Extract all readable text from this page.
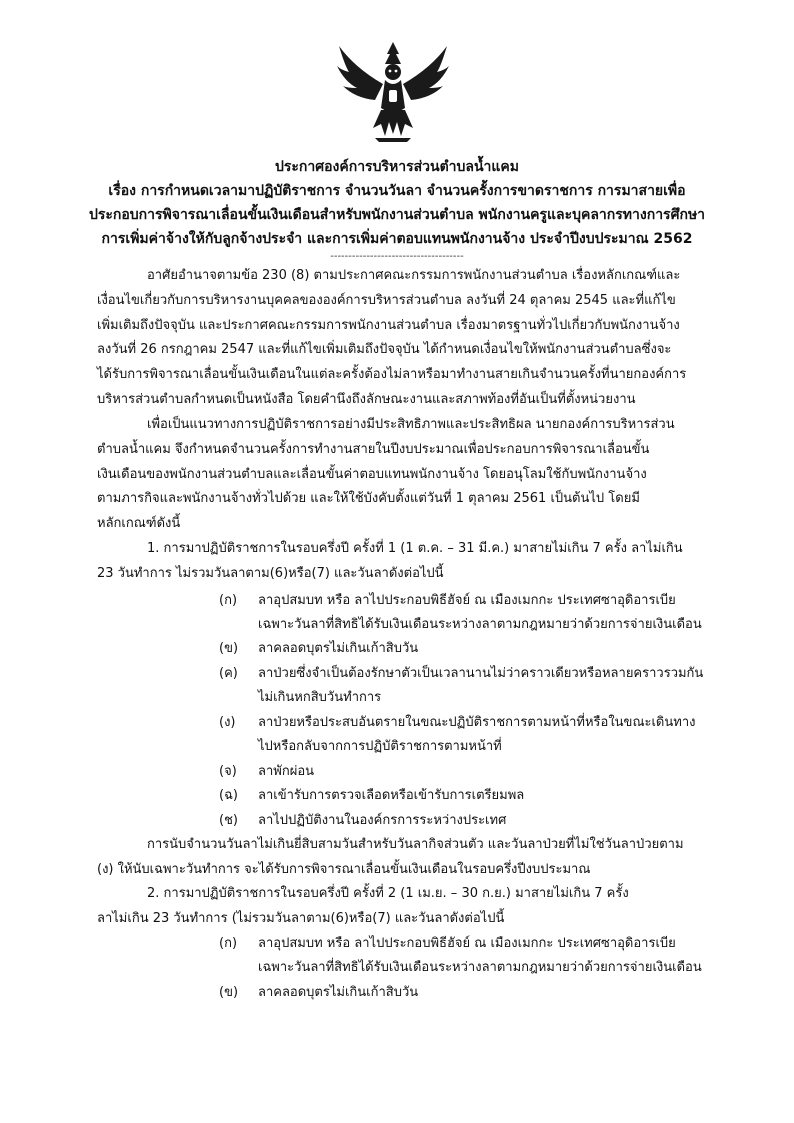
ประกาศองค์การบริหารส่วนตำบลน้ำแคม
เรื่อง การกำหนดเวลามาปฏิบัติราชการ จำนวนวันลา จำนวนครั้งการขาดราชการ การมาสายเพื่อ
ประกอบการพิจารณาเลื่อนขั้นเงินเดือนสำหรับพนักงานส่วนตำบล พนักงานครูและบุคลากรทางการศึกษา
การเพิ่มค่าจ้างให้กับลูกจ้างประจำ และการเพิ่มค่าตอบแทนพนักงานจ้าง ประจำปีงบประมาณ 2562
-------------------------------------
อาศัยอำนาจตามข้อ 230 (8) ตามประกาศคณะกรรมการพนักงานส่วนตำบล เรื่องหลักเกณฑ์และ
เงื่อนไขเกี่ยวกับการบริหารงานบุคคลขององค์การบริหารส่วนตำบล ลงวันที่ 24 ตุลาคม 2545 และที่แก้ไข
เพิ่มเติมถึงปัจจุบัน และประกาศคณะกรรมการพนักงานส่วนตำบล เรื่องมาตรฐานทั่วไปเกี่ยวกับพนักงานจ้าง
ลงวันที่ 26 กรกฎาคม 2547 และที่แก้ไขเพิ่มเติมถึงปัจจุบัน ได้กำหนดเงื่อนไขให้พนักงานส่วนตำบลซึ่งจะ
ได้รับการพิจารณาเลื่อนขั้นเงินเดือนในแต่ละครั้งต้องไม่ลาหรือมาทำงานสายเกินจำนวนครั้งที่นายกองค์การ
บริหารส่วนตำบลกำหนดเป็นหนังสือ โดยคำนึงถึงลักษณะงานและสภาพท้องที่อันเป็นที่ตั้งหน่วยงาน
เพื่อเป็นแนวทางการปฏิบัติราชการอย่างมีประสิทธิภาพและประสิทธิผล นายกองค์การบริหารส่วน
ตำบลน้ำแคม จึงกำหนดจำนวนครั้งการทำงานสายในปีงบประมาณเพื่อประกอบการพิจารณาเลื่อนขั้น
เงินเดือนของพนักงานส่วนตำบลและเลื่อนขั้นค่าตอบแทนพนักงานจ้าง โดยอนุโลมใช้กับพนักงานจ้าง
ตามภารกิจและพนักงานจ้างทั่วไปด้วย และให้ใช้บังคับตั้งแต่วันที่ 1 ตุลาคม 2561 เป็นต้นไป โดยมี
หลักเกณฑ์ดังนี้
1. การมาปฏิบัติราชการในรอบครึ่งปี ครั้งที่ 1 (1 ต.ค. – 31 มี.ค.) มาสายไม่เกิน 7 ครั้ง ลาไม่เกิน
23 วันทำการ ไม่รวมวันลาตาม(6)หรือ(7) และวันลาดังต่อไปนี้
(ก) ลาอุปสมบท หรือ ลาไปประกอบพิธีฮัจย์ ณ เมืองเมกกะ ประเทศซาอุดิอารเบีย
เฉพาะวันลาที่สิทธิได้รับเงินเดือนระหว่างลาตามกฎหมายว่าด้วยการจ่ายเงินเดือน
(ข) ลาคลอดบุตรไม่เกินเก้าสิบวัน
(ค) ลาป่วยซึ่งจำเป็นต้องรักษาตัวเป็นเวลานานไม่ว่าคราวเดียวหรือหลายคราวรวมกัน
ไม่เกินหกสิบวันทำการ
(ง) ลาป่วยหรือประสบอันตรายในขณะปฏิบัติราชการตามหน้าที่หรือในขณะเดินทาง
ไปหรือกลับจากการปฏิบัติราชการตามหน้าที่
(จ) ลาพักผ่อน
(ฉ) ลาเข้ารับการตรวจเลือดหรือเข้ารับการเตรียมพล
(ช) ลาไปปฏิบัติงานในองค์กรการระหว่างประเทศ
การนับจำนวนวันลาไม่เกินยี่สิบสามวันสำหรับวันลากิจส่วนตัว และวันลาป่วยที่ไม่ใช่วันลาป่วยตาม
(ง) ให้นับเฉพาะวันทำการ จะได้รับการพิจารณาเลื่อนขั้นเงินเดือนในรอบครึ่งปีงบประมาณ
2. การมาปฏิบัติราชการในรอบครึ่งปี ครั้งที่ 2 (1 เม.ย. – 30 ก.ย.) มาสายไม่เกิน 7 ครั้ง
ลาไม่เกิน 23 วันทำการ (ไม่รวมวันลาตาม(6)หรือ(7) และวันลาดังต่อไปนี้
(ก) ลาอุปสมบท หรือ ลาไปประกอบพิธีฮัจย์ ณ เมืองเมกกะ ประเทศซาอุดิอารเบีย
เฉพาะวันลาที่สิทธิได้รับเงินเดือนระหว่างลาตามกฎหมายว่าด้วยการจ่ายเงินเดือน
(ข) ลาคลอดบุตรไม่เกินเก้าสิบวัน
